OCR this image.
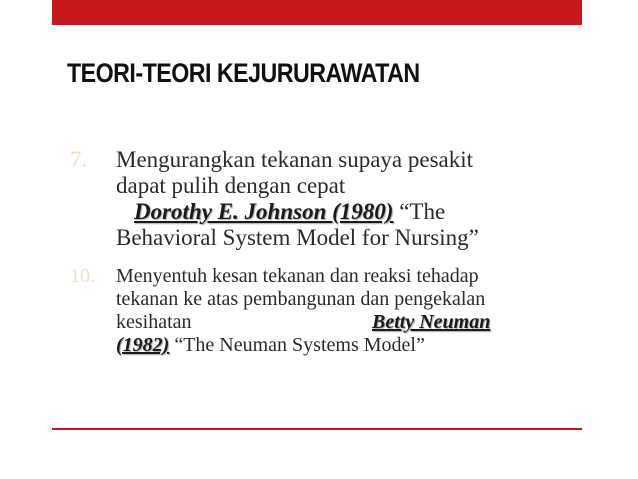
TEORI-TEORI KEJURURAWATAN
7. Mengurangkan tekanan supaya pesakit
dapat pulih dengan cepat
Dorothy E. Johnson (1980) “The
Behavioral System Model for Nursing”
10. Menyentuh kesan tekanan dan reaksi tehadap
tekanan ke atas pembangunan dan pengekalan
kesihatan	Betty Neuman
(1982) “The Neuman Systems Model”
